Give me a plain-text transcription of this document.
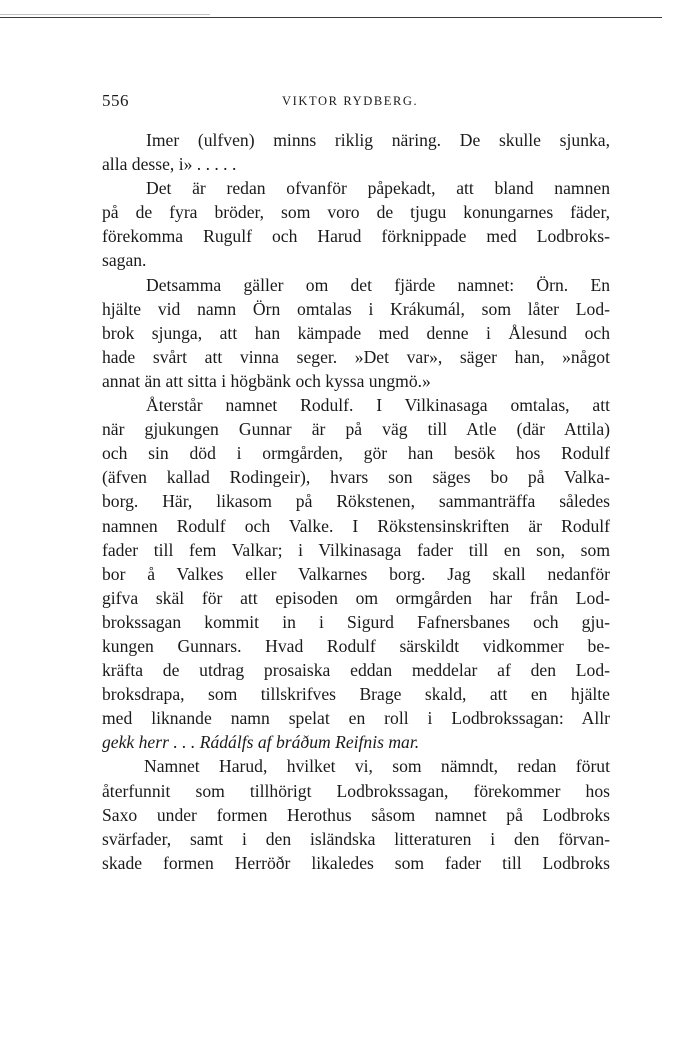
556	VIKTOR RYDBERG.
Imer (ulfven) minns riklig näring. De skulle sjunka,
alla desse, i» . . . . .
Det är redan ofvanför påpekadt, att bland namnen
på de fyra bröder, som voro de tjugu konungarnes fäder,
förekomma Rugulf och Harud förknippade med Lodbroks-
sagan.
Detsamma gäller om det fjärde namnet: Örn. En
hjälte vid namn Örn omtalas i Krákumál, som låter Lod-
brok sjunga, att han kämpade med denne i Ålesund och
hade svårt att vinna seger. »Det var», säger han, »något
annat än att sitta i högbänk och kyssa ungmö.»
Återstår namnet Rodulf. I Vilkinasaga omtalas, att
när gjukungen Gunnar är på väg till Atle (där Attila)
och sin död i ormgården, gör han besök hos Rodulf
(äfven kallad Rodingeir), hvars son säges bo på Valka-
borg. Här, likasom på Rökstenen, sammanträffa således
namnen Rodulf och Valke. I Rökstensinskriften är Rodulf
fader till fem Valkar; i Vilkinasaga fader till en son, som
bor å Valkes eller Valkarnes borg. Jag skall nedanför
gifva skäl för att episoden om ormgården har från Lod-
brokssagan kommit in i Sigurd Fafnersbanes och gju-
kungen Gunnars. Hvad Rodulf särskildt vidkommer be-
kräfta de utdrag prosaiska eddan meddelar af den Lod-
broksdrapa, som tillskrifves Brage skald, att en hjälte
med liknande namn spelat en roll i Lodbrokssagan: Allr
gekk herr . . . Rádálfs af bráðum Reifnis mar.
Namnet Harud, hvilket vi, som nämndt, redan förut
återfunnit som tillhörigt Lodbrokssagan, förekommer hos
Saxo under formen Herothus såsom namnet på Lodbroks
svärfader, samt i den isländska litteraturen i den förvan-
skade formen Herröðr likaledes som fader till Lodbroks
